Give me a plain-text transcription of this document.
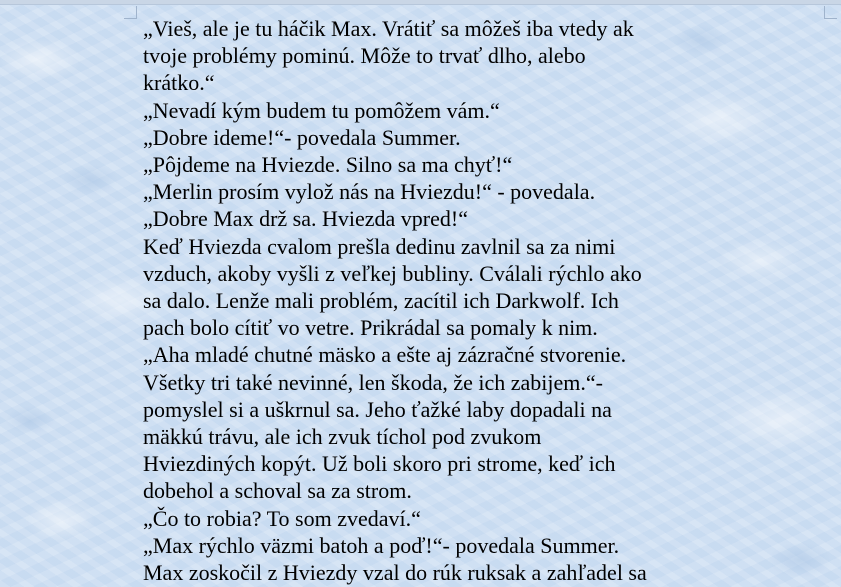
„Vieš, ale je tu háčik Max. Vrátiť sa môžeš iba vtedy ak
tvoje problémy pominú. Môže to trvať dlho, alebo
krátko.“
„Nevadí kým budem tu pomôžem vám.“
„Dobre ideme!“- povedala Summer.
„Pôjdeme na Hviezde. Silno sa ma chyť!“
„Merlin prosím vylož nás na Hviezdu!“ - povedala.
„Dobre Max drž sa. Hviezda vpred!“
Keď Hviezda cvalom prešla dedinu zavlnil sa za nimi
vzduch, akoby vyšli z veľkej bubliny. Cválali rýchlo ako
sa dalo. Lenže mali problém, zacítil ich Darkwolf. Ich
pach bolo cítiť vo vetre. Prikrádal sa pomaly k nim.
„Aha mladé chutné mäsko a ešte aj zázračné stvorenie.
Všetky tri také nevinné, len škoda, že ich zabijem.“-
pomyslel si a uškrnul sa. Jeho ťažké laby dopadali na
mäkkú trávu, ale ich zvuk tíchol pod zvukom
Hviezdiných kopýt. Už boli skoro pri strome, keď ich
dobehol a schoval sa za strom.
„Čo to robia? To som zvedaví.“
„Max rýchlo väzmi batoh a poď!“- povedala Summer.
Max zoskočil z Hviezdy vzal do rúk ruksak a zahľadel sa
